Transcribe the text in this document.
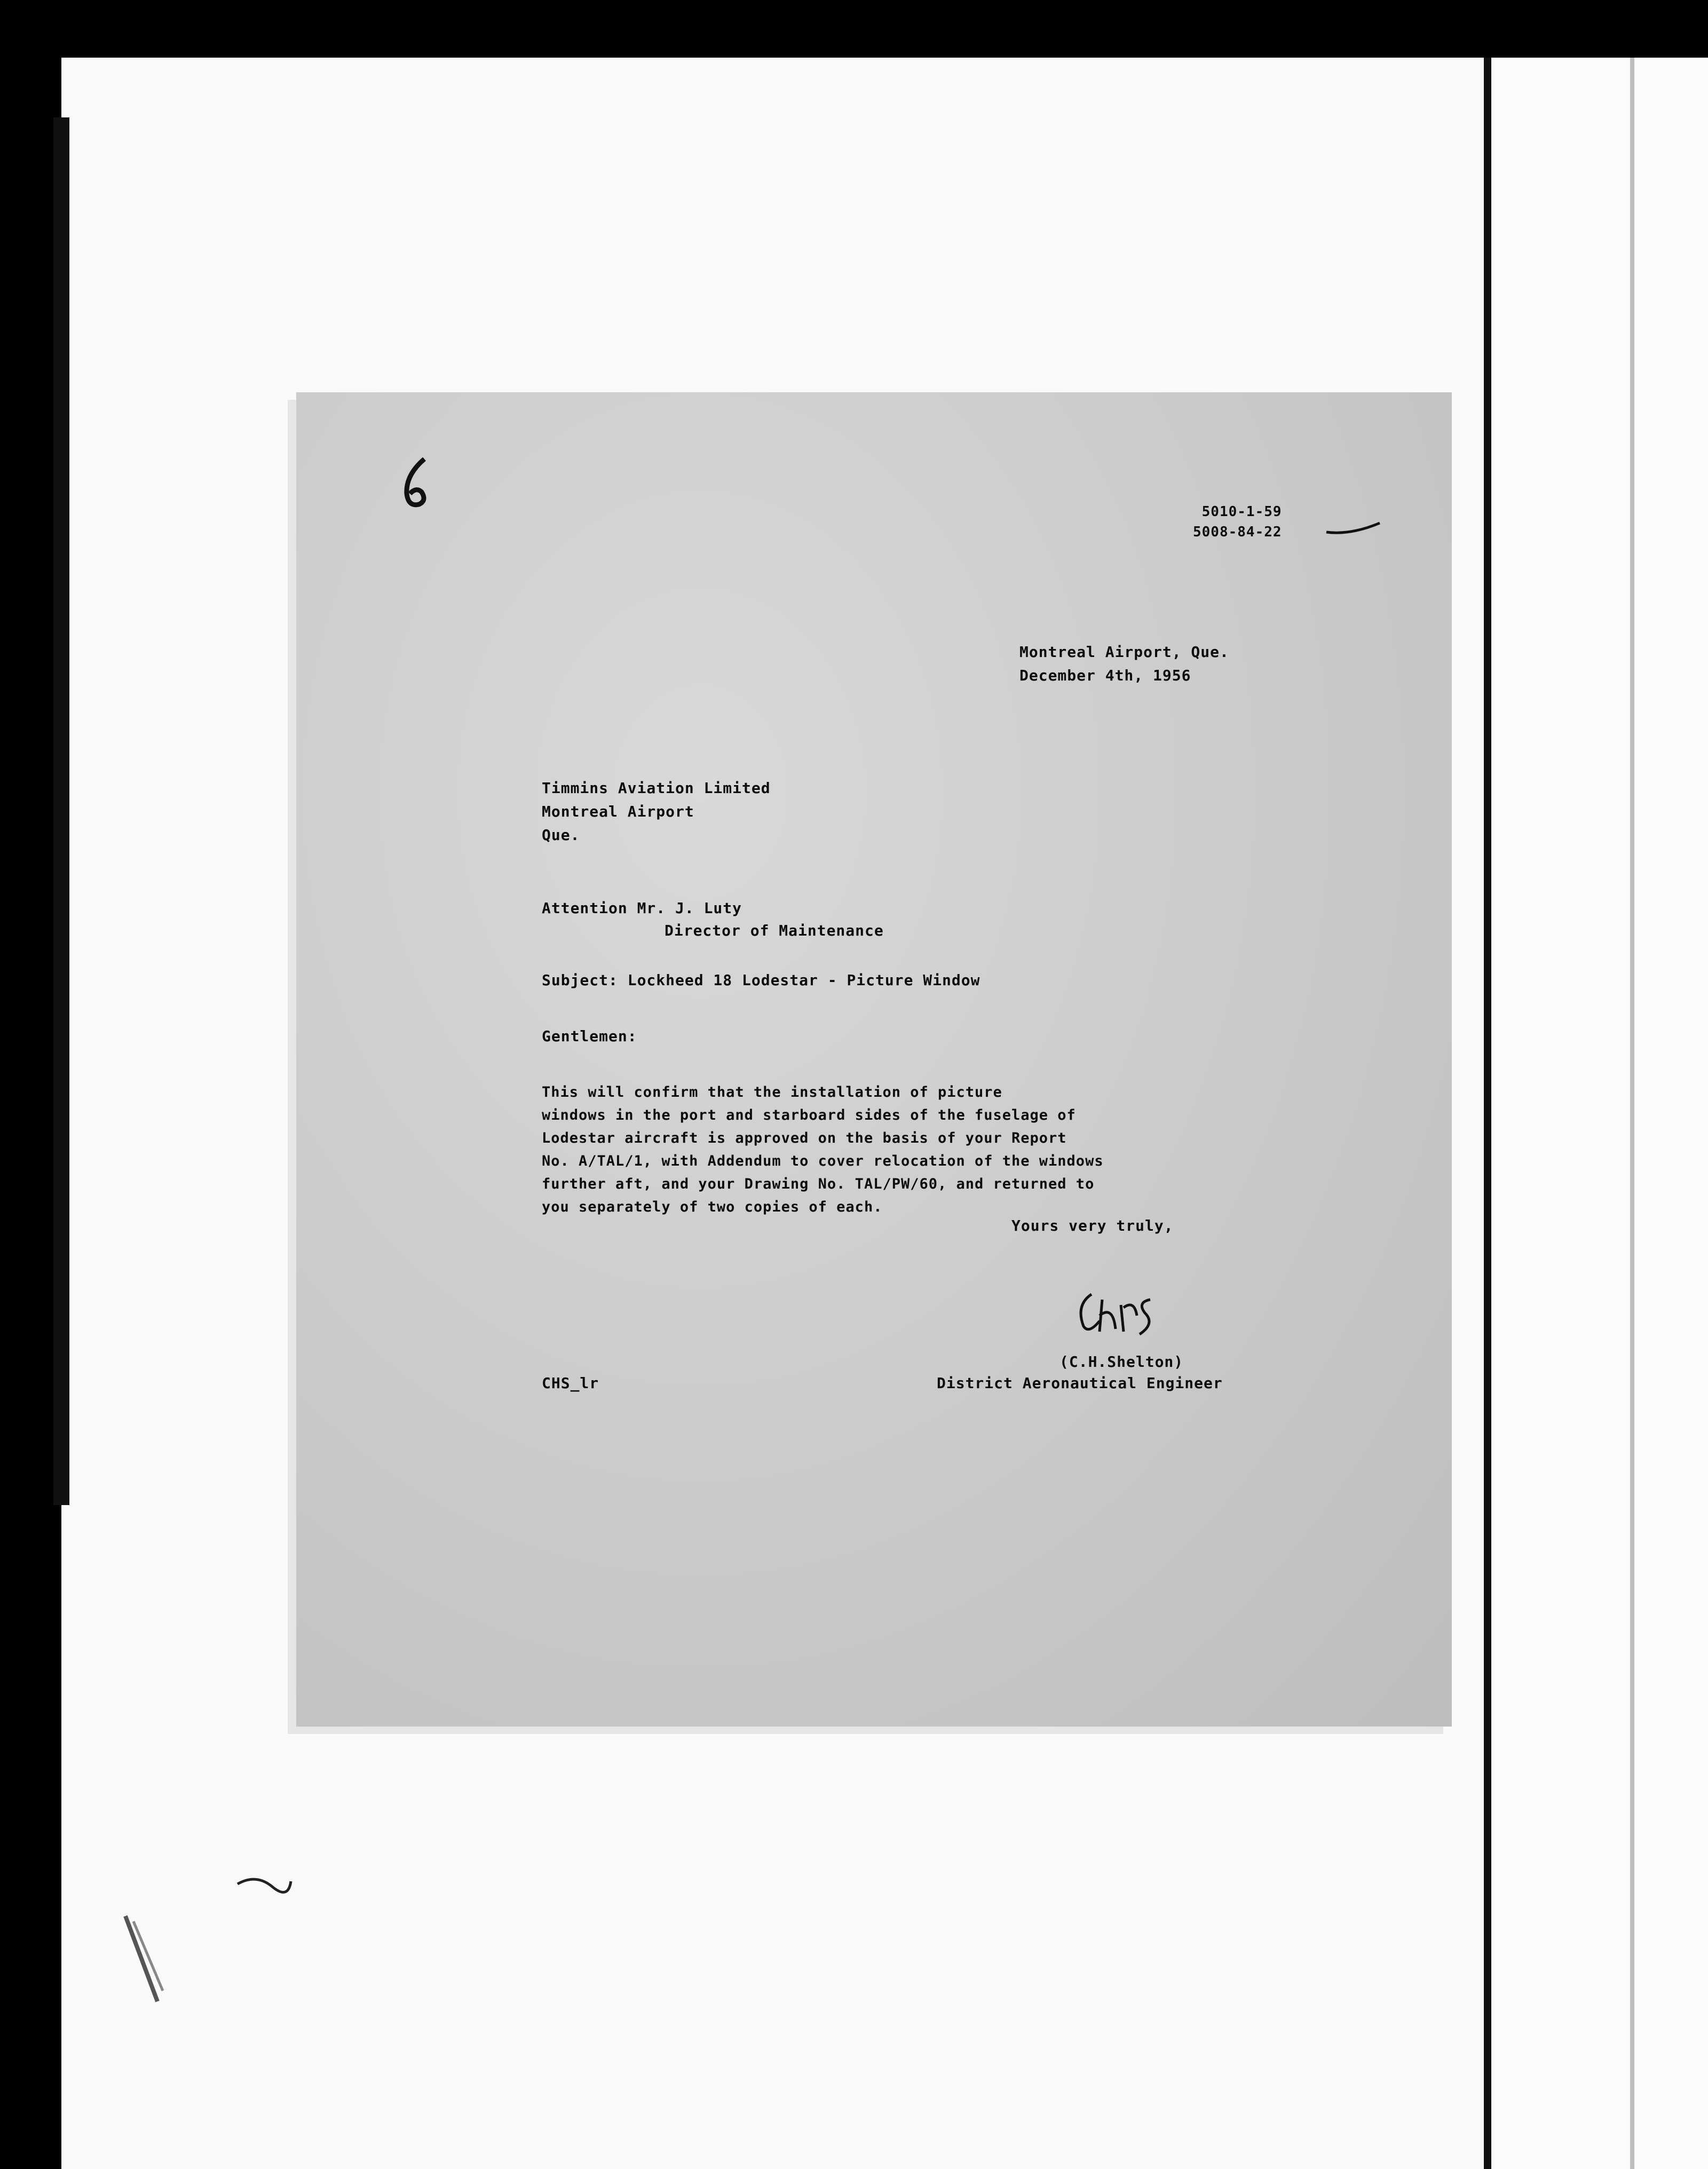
5010-1-59
5008-84-22
Montreal Airport, Que.
December 4th, 1956
Timmins Aviation Limited
Montreal Airport
Que.
Attention Mr. J. Luty
Director of Maintenance
Subject: Lockheed 18 Lodestar - Picture Window
Gentlemen:
This will confirm that the installation of picture
windows in the port and starboard sides of the fuselage of
Lodestar aircraft is approved on the basis of your Report
No. A/TAL/1, with Addendum to cover relocation of the windows
further aft, and your Drawing No. TAL/PW/60, and returned to
you separately of two copies of each.
Yours very truly,
(C.H.Shelton)
District Aeronautical Engineer
CHS_lr
